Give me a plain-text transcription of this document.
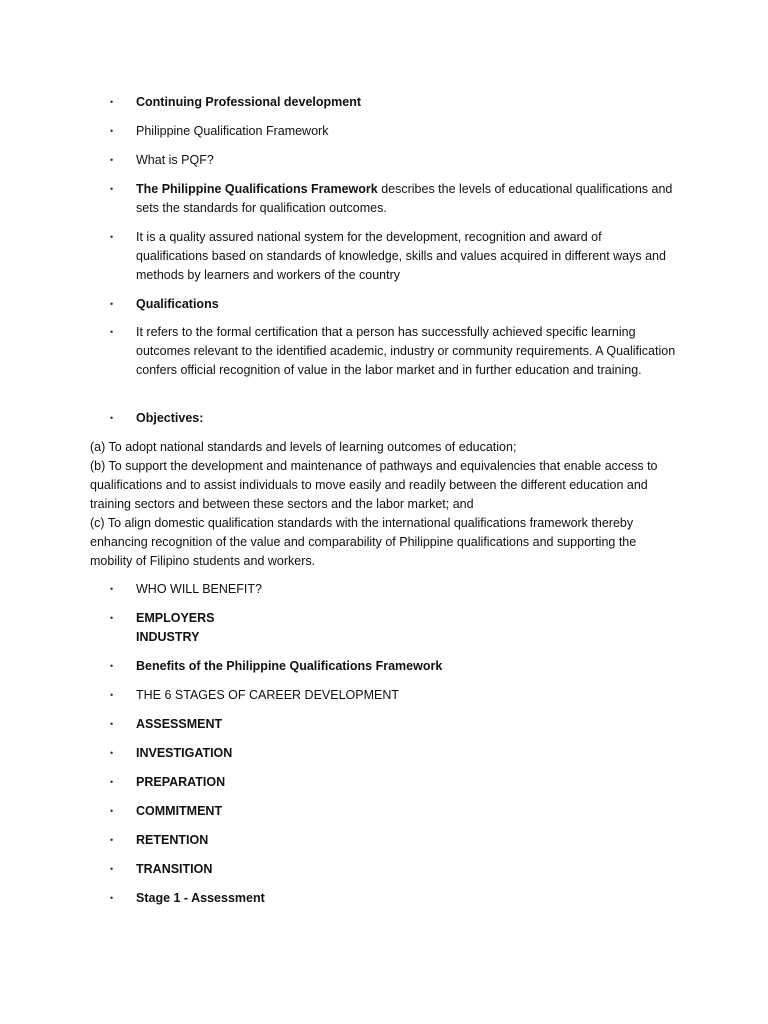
•	Continuing Professional development
•	Philippine Qualification Framework
•	What is PQF?
•	The Philippine Qualifications Framework describes the levels of educational qualifications and sets the standards for qualification outcomes.
•	It is a quality assured national system for the development, recognition and award of qualifications based on standards of knowledge, skills and values acquired in different ways and methods by learners and workers of the country
•	Qualifications
•	It refers to the formal certification that a person has successfully achieved specific learning outcomes relevant to the identified academic, industry or community requirements. A Qualification confers official recognition of value in the labor market and in further education and training.
•	Objectives:

(a) To adopt national standards and levels of learning outcomes of education;

(b) To support the development and maintenance of pathways and equivalencies that enable access to qualifications and to assist individuals to move easily and readily between the different education and training sectors and between these sectors and the labor market; and

(c) To align domestic qualification standards with the international qualifications framework thereby enhancing recognition of the value and comparability of Philippine qualifications and supporting the mobility of Filipino students and workers.

•	WHO WILL BENEFIT?
•	EMPLOYERS
INDUSTRY
•	Benefits of the Philippine Qualifications Framework
•	THE 6 STAGES OF CAREER DEVELOPMENT
•	ASSESSMENT
•	INVESTIGATION
•	PREPARATION
•	COMMITMENT
•	RETENTION
•	TRANSITION
•	Stage 1 - Assessment
